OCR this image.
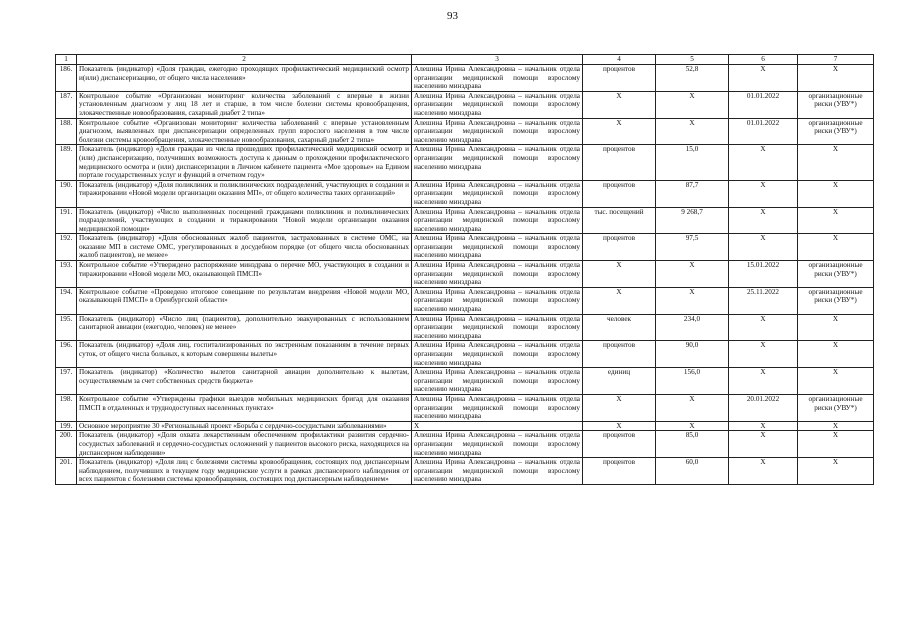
93
1	2	3	4	5	6	7
186.	Показатель (индикатор) «Доля граждан, ежегодно проходящих профилактический медицинский осмотр и(или) диспансеризацию, от общего числа населения»	Алешина Ирина Александровна – начальник отдела организации медицинской помощи взрослому населению минздрава	процентов	52,8	X	X
187.	Контрольное событие «Организован мониторинг количества заболеваний с впервые в жизни установленным диагнозом у лиц 18 лет и старше, в том числе болезни системы кровообращения, злокачественные новообразования, сахарный диабет 2 типа»	Алешина Ирина Александровна – начальник отдела организации медицинской помощи взрослому населению минздрава	X	X	01.01.2022	организационные риски (УВУ*)
188.	Контрольное событие «Организован мониторинг количества заболеваний с впервые установленным диагнозом, выявленных при диспансеризации определенных групп взрослого населения в том числе болезни системы кровообращения, злокачественные новообразования, сахарный диабет 2 типа»	Алешина Ирина Александровна – начальник отдела организации медицинской помощи взрослому населению минздрава	X	X	01.01.2022	организационные риски (УВУ*)
189.	Показатель (индикатор) «Доля граждан из числа прошедших профилактический медицинский осмотр и (или) диспансеризацию, получивших возможность доступа к данным о прохождении профилактического медицинского осмотра и (или) диспансеризации в Личном кабинете пациента «Мое здоровье» на Едином портале государственных услуг и функций в отчетном году»	Алешина Ирина Александровна – начальник отдела организации медицинской помощи взрослому населению минздрава	процентов	15,0	X	X
190.	Показатель (индикатор) «Доля поликлиник и поликлинических подразделений, участвующих в создании и тиражировании «Новой модели организации оказания МП», от общего количества таких организаций»	Алешина Ирина Александровна – начальник отдела организации медицинской помощи взрослому населению минздрава	процентов	87,7	X	X
191.	Показатель (индикатор) «Число выполненных посещений гражданами поликлиник и поликлинических подразделений, участвующих в создании и тиражировании "Новой модели организации оказания медицинской помощи»	Алешина Ирина Александровна – начальник отдела организации медицинской помощи взрослому населению минздрава	тыс. посещений	9 268,7	X	X
192.	Показатель (индикатор) «Доля обоснованных жалоб пациентов, застрахованных в системе ОМС, на оказание МП в системе ОМС, урегулированных в досудебном порядке (от общего числа обоснованных жалоб пациентов), не менее»	Алешина Ирина Александровна – начальник отдела организации медицинской помощи взрослому населению минздрава	процентов	97,5	X	X
193.	Контрольное событие «Утверждено распоряжение минздрава о перечне МО, участвующих в создании и тиражировании «Новой модели МО, оказывающей ПМСП»	Алешина Ирина Александровна – начальник отдела организации медицинской помощи взрослому населению минздрава	X	X	15.01.2022	организационные риски (УВУ*)
194.	Контрольное событие «Проведено итоговое совещание по результатам внедрения «Новой модели МО, оказывающей ПМСП» в Оренбургской области»	Алешина Ирина Александровна – начальник отдела организации медицинской помощи взрослому населению минздрава	X	X	25.11.2022	организационные риски (УВУ*)
195.	Показатель (индикатор) «Число лиц (пациентов), дополнительно эвакуированных с использованием санитарной авиации (ежегодно, человек) не менее»	Алешина Ирина Александровна – начальник отдела организации медицинской помощи взрослому населению минздрава	человек	234,0	X	X
196.	Показатель (индикатор) «Доля лиц, госпитализированных по экстренным показаниям в течение первых суток, от общего числа больных, к которым совершены вылеты»	Алешина Ирина Александровна – начальник отдела организации медицинской помощи взрослому населению минздрава	процентов	90,0	X	X
197.	Показатель (индикатор) «Количество вылетов санитарной авиации дополнительно к вылетам, осуществляемым за счет собственных средств бюджета»	Алешина Ирина Александровна – начальник отдела организации медицинской помощи взрослому населению минздрава	единиц	156,0	X	X
198.	Контрольное событие «Утверждены графики выездов мобильных медицинских бригад для оказания ПМСП в отдаленных и труднодоступных населенных пунктах»	Алешина Ирина Александровна – начальник отдела организации медицинской помощи взрослому населению минздрава	X	X	20.01.2022	организационные риски (УВУ*)
199.	Основное мероприятие 30 «Региональный проект «Борьба с сердечно-сосудистыми заболеваниями»	X	X	X	X	X
200.	Показатель (индикатор) «Доля охвата лекарственным обеспечением профилактики развития сердечно-сосудистых заболеваний и сердечно-сосудистых осложнений у пациентов высокого риска, находящихся на диспансерном наблюдении»	Алешина Ирина Александровна – начальник отдела организации медицинской помощи взрослому населению минздрава	процентов	85,0	X	X
201.	Показатель (индикатор) «Доля лиц с болезнями системы кровообращения, состоящих под диспансерным наблюдением, получивших в текущем году медицинские услуги в рамках диспансерного наблюдения от всех пациентов с болезнями системы кровообращения, состоящих под диспансерным наблюдением»	Алешина Ирина Александровна – начальник отдела организации медицинской помощи взрослому населению минздрава	процентов	60,0	X	X
